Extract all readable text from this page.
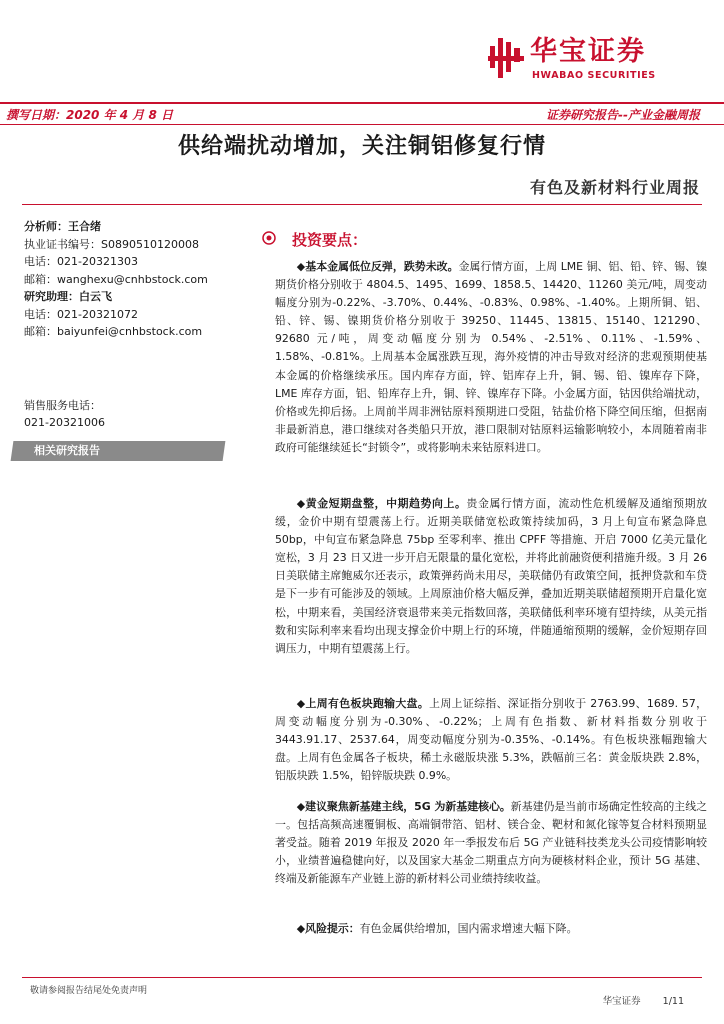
华宝证券
HWABAO SECURITIES
撰写日期：2020 年 4 月 8 日	证券研究报告--产业金融周报
供给端扰动增加，关注铜铝修复行情
有色及新材料行业周报
分析师：王合绪
执业证书编号：S0890510120008
电话：021-20321303
邮箱：wanghexu@cnhbstock.com
研究助理：白云飞
电话：021-20321072
邮箱：baiyunfei@cnhbstock.com
销售服务电话：
021-20321006
相关研究报告
投资要点：

◆基本金属低位反弹，跌势未改。金属行情方面，上周 LME 铜、铝、铅、锌、锡、镍期货价格分别收于 4804.5、1495、1699、1858.5、14420、11260 美元/吨，周变动幅度分别为-0.22%、-3.70%、0.44%、-0.83%、0.98%、-1.40%。上期所铜、铝、铅、锌、锡、镍期货价格分别收于 39250、11445、13815、15140、121290、92680 元/吨，周变动幅度分别为 0.54%、-2.51%、0.11%、-1.59%、1.58%、-0.81%。上周基本金属涨跌互现，海外疫情的冲击导致对经济的悲观预期使基本金属的价格继续承压。国内库存方面，锌、铝库存上升，铜、锡、铅、镍库存下降，LME 库存方面，铝、铅库存上升，铜、锌、镍库存下降。小金属方面，钴因供给端扰动，价格或先抑后扬。上周前半周非洲钴原料预期进口受阻，钴盐价格下降空间压缩，但据南非最新消息，港口继续对各类船只开放，港口限制对钴原料运输影响较小，本周随着南非政府可能继续延长“封锁令”，或将影响未来钴原料进口。

◆黄金短期盘整，中期趋势向上。贵金属行情方面，流动性危机缓解及通缩预期放缓，金价中期有望震荡上行。近期美联储宽松政策持续加码，3 月上旬宣布紧急降息 50bp，中旬宣布紧急降息 75bp 至零利率、推出 CPFF 等措施、开启 7000 亿美元量化宽松，3 月 23 日又进一步开启无限量的量化宽松，并将此前融资便利措施升级。3 月 26 日美联储主席鲍威尔还表示，政策弹药尚未用尽，美联储仍有政策空间，抵押贷款和车贷是下一步有可能涉及的领域。上周原油价格大幅反弹，叠加近期美联储超预期开启量化宽松，中期来看，美国经济衰退带来美元指数回落，美联储低利率环境有望持续，从美元指数和实际利率来看均出现支撑金价中期上行的环境，伴随通缩预期的缓解，金价短期存回调压力，中期有望震荡上行。

◆上周有色板块跑输大盘。上周上证综指、深证指分别收于 2763.99、1689. 57，周变动幅度分别为-0.30%、-0.22%；上周有色指数、新材料指数分别收于 3443.91.17、2537.64，周变动幅度分别为-0.35%、-0.14%。有色板块涨幅跑输大盘。上周有色金属各子板块，稀土永磁版块涨 5.3%，跌幅前三名：黄金版块跌 2.8%，铝版块跌 1.5%，铅锌版块跌 0.9%。

◆建议聚焦新基建主线，5G 为新基建核心。新基建仍是当前市场确定性较高的主线之一。包括高频高速覆铜板、高端铜带箔、铝材、镁合金、靶材和氮化镓等复合材料预期显著受益。随着 2019 年报及 2020 年一季报发布后 5G 产业链科技类龙头公司疫情影响较小，业绩普遍稳健向好，以及国家大基金二期重点方向为硬核材料企业，预计 5G 基建、终端及新能源车产业链上游的新材料公司业绩持续收益。

◆风险提示：有色金属供给增加，国内需求增速大幅下降。

敬请参阅报告结尾处免责声明
华宝证券 1/11
